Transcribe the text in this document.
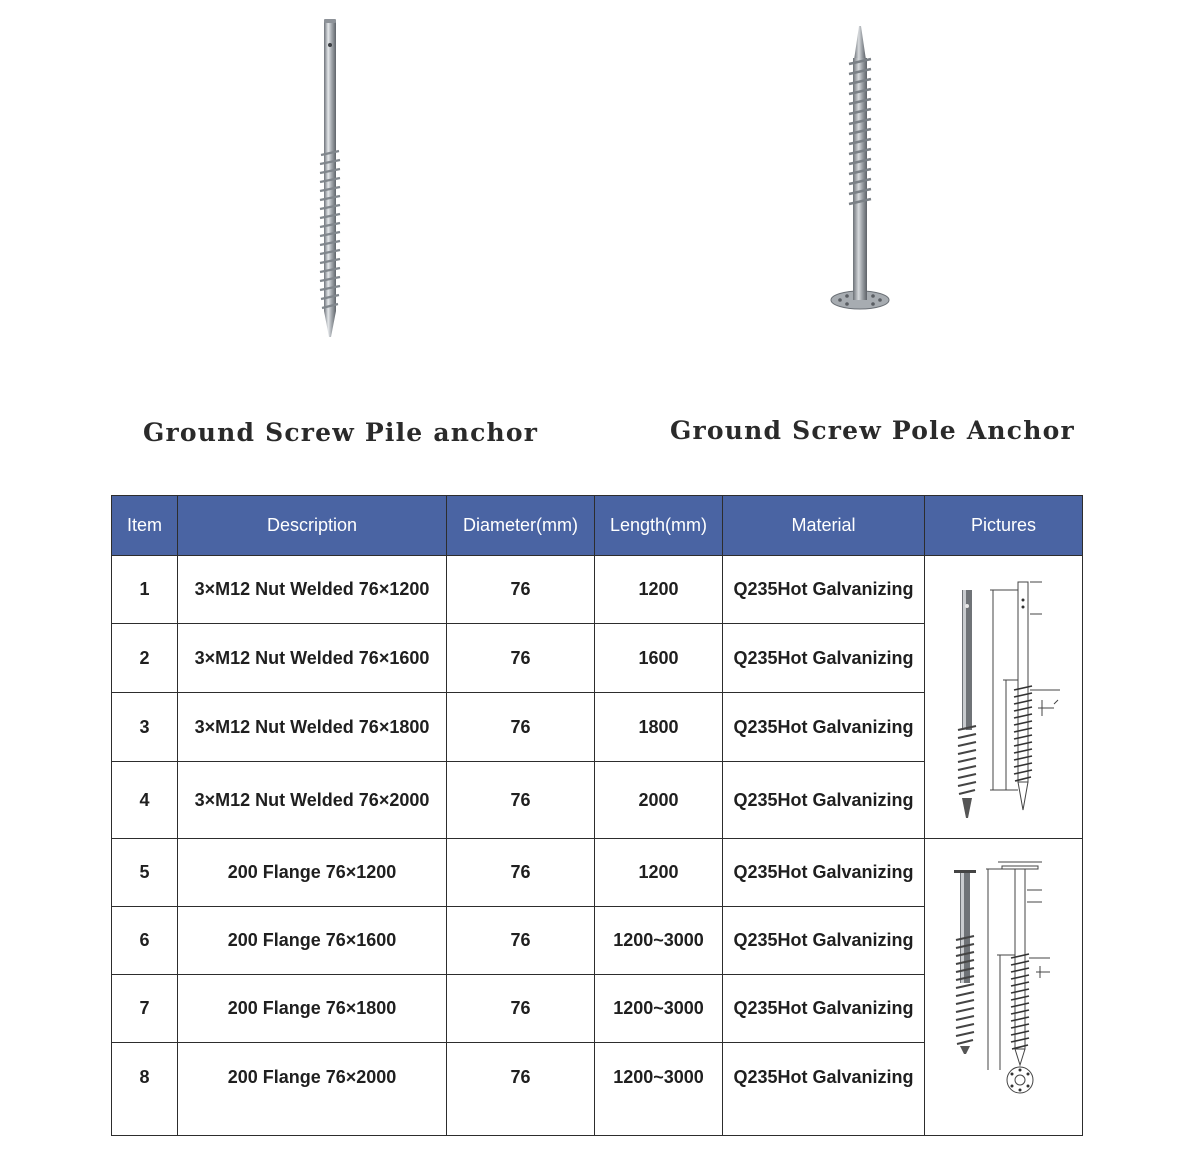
Ground Screw Pile anchor	Ground Screw Pole Anchor
Item	Description	Diameter(mm)	Length(mm)	Material	Pictures
1	3×M12 Nut Welded 76×1200	76	1200	Q235Hot Galvanizing	
2	3×M12 Nut Welded 76×1600	76	1600	Q235Hot Galvanizing	
3	3×M12 Nut Welded 76×1800	76	1800	Q235Hot Galvanizing	
4	3×M12 Nut Welded 76×2000	76	2000	Q235Hot Galvanizing	
5	200 Flange 76×1200	76	1200	Q235Hot Galvanizing	
6	200 Flange 76×1600	76	1200~3000	Q235Hot Galvanizing	
7	200 Flange 76×1800	76	1200~3000	Q235Hot Galvanizing	
8	200 Flange 76×2000	76	1200~3000	Q235Hot Galvanizing	
